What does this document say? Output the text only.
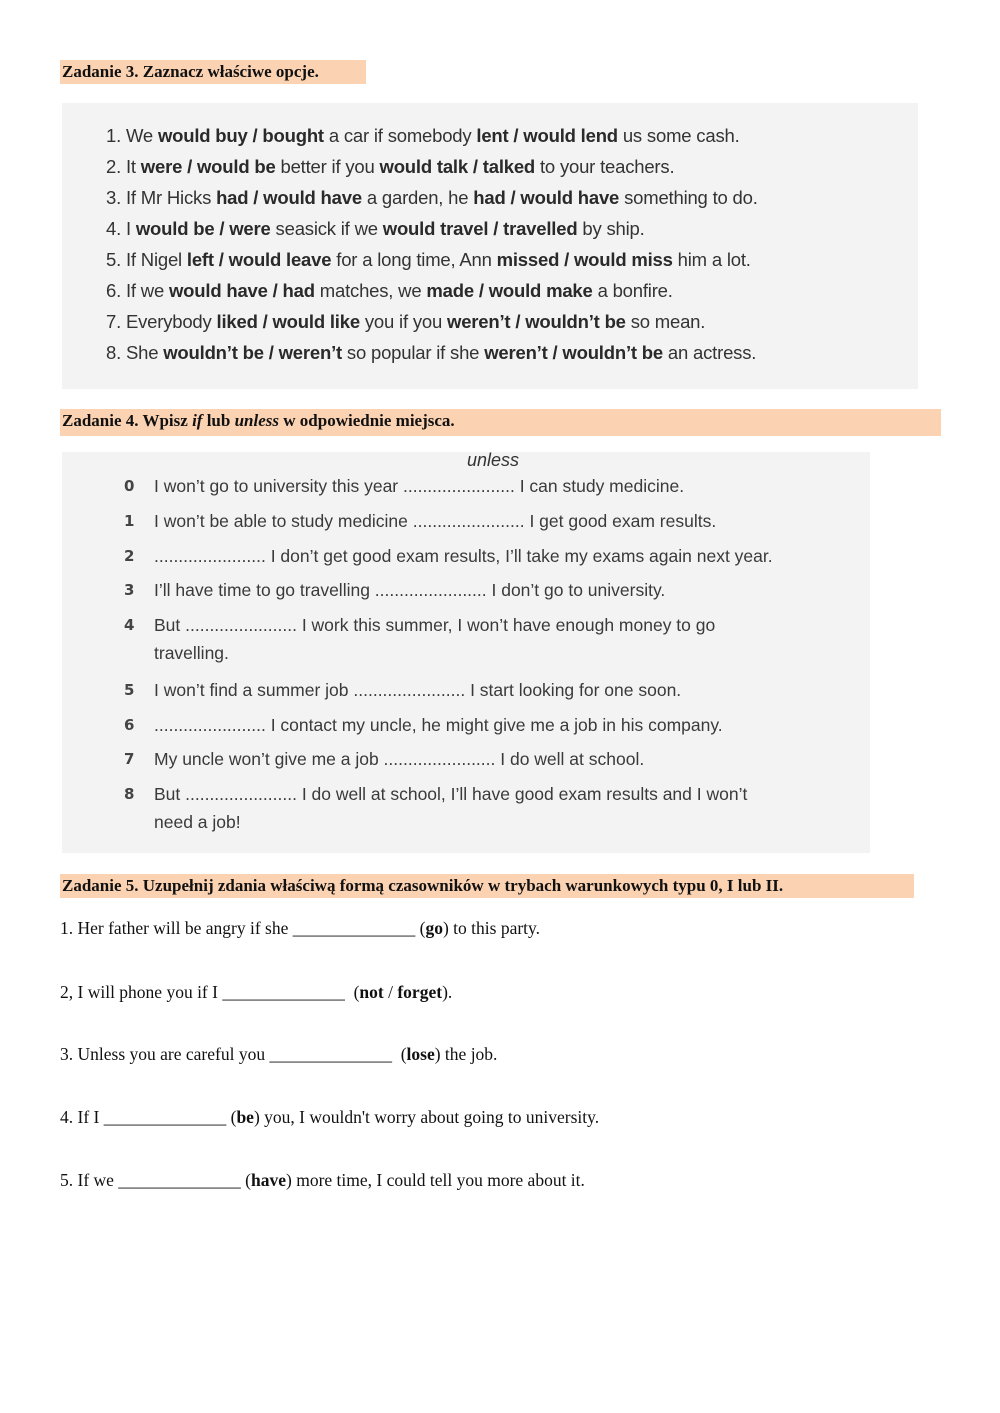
Zadanie 3. Zaznacz właściwe opcje.
1. We would buy / bought a car if somebody lent / would lend us some cash.
2. It were / would be better if you would talk / talked to your teachers.
3. If Mr Hicks had / would have a garden, he had / would have something to do.
4. I would be / were seasick if we would travel / travelled by ship.
5. If Nigel left / would leave for a long time, Ann missed / would miss him a lot.
6. If we would have / had matches, we made / would make a bonfire.
7. Everybody liked / would like you if you weren’t / wouldn’t be so mean.
8. She wouldn’t be / weren’t so popular if she weren’t / wouldn’t be an actress.
Zadanie 4. Wpisz if lub unless w odpowiednie miejsca.
0 I won’t go to university this year ....................... I can study medicine.
unless
1 I won’t be able to study medicine ....................... I get good exam results.
2 ....................... I don’t get good exam results, I’ll take my exams again next year.
3 I’ll have time to go travelling ....................... I don’t go to university.
4 But ....................... I work this summer, I won’t have enough money to go
travelling.
5 I won’t find a summer job ....................... I start looking for one soon.
6 ....................... I contact my uncle, he might give me a job in his company.
7 My uncle won’t give me a job ....................... I do well at school.
8 But ....................... I do well at school, I’ll have good exam results and I won’t
need a job!
Zadanie 5. Uzupełnij zdania właściwą formą czasowników w trybach warunkowych typu 0, I lub II.
1. Her father will be angry if she ______________ (go) to this party.
2, I will phone you if I ______________  (not / forget).
3. Unless you are careful you ______________  (lose) the job.
4. If I ______________ (be) you, I wouldn't worry about going to university.
5. If we ______________ (have) more time, I could tell you more about it.
